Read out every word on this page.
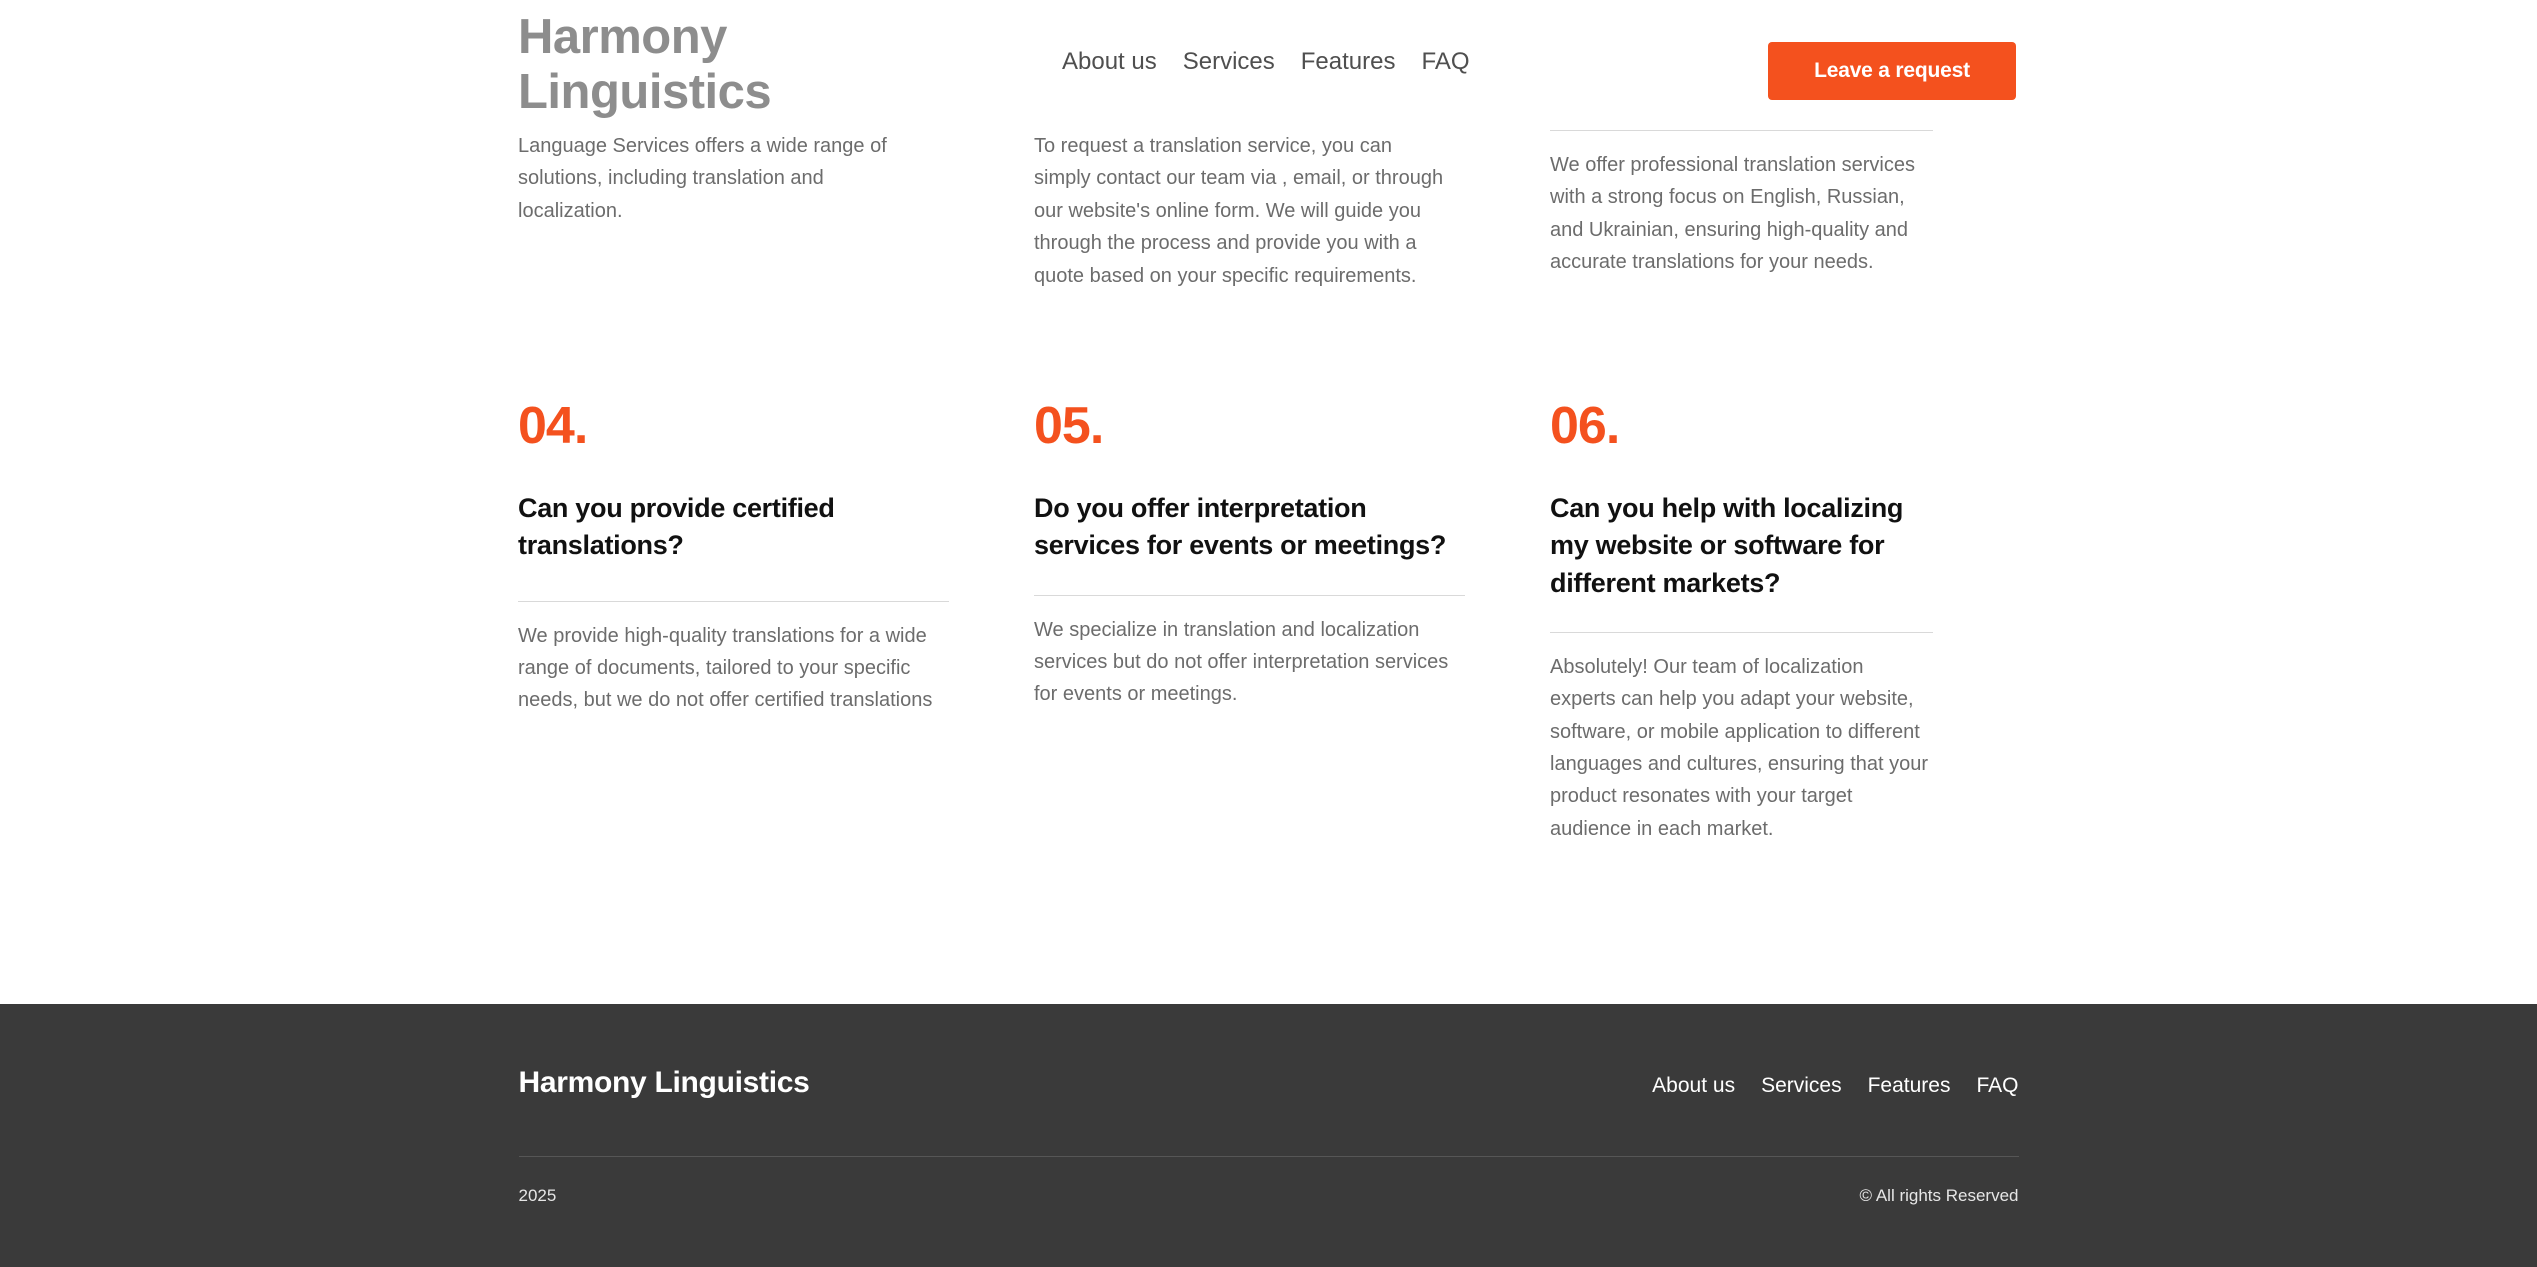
Harmony
Linguistics
About us Services Features FAQ	Leave a request
Language Services offers a wide range of solutions, including translation and localization.
To request a translation service, you can simply contact our team via , email, or through our website's online form. We will guide you through the process and provide you with a quote based on your specific requirements.
We offer professional translation services with a strong focus on English, Russian, and Ukrainian, ensuring high-quality and accurate translations for your needs.
04.
Can you provide certified translations?
We provide high-quality translations for a wide range of documents, tailored to your specific needs, but we do not offer certified translations
05.
Do you offer interpretation services for events or meetings?
We specialize in translation and localization services but do not offer interpretation services for events or meetings.
06.
Can you help with localizing my website or software for different markets?
Absolutely! Our team of localization experts can help you adapt your website, software, or mobile application to different languages and cultures, ensuring that your product resonates with your target audience in each market.
Harmony Linguistics	About us Services Features FAQ
2025	© All rights Reserved
